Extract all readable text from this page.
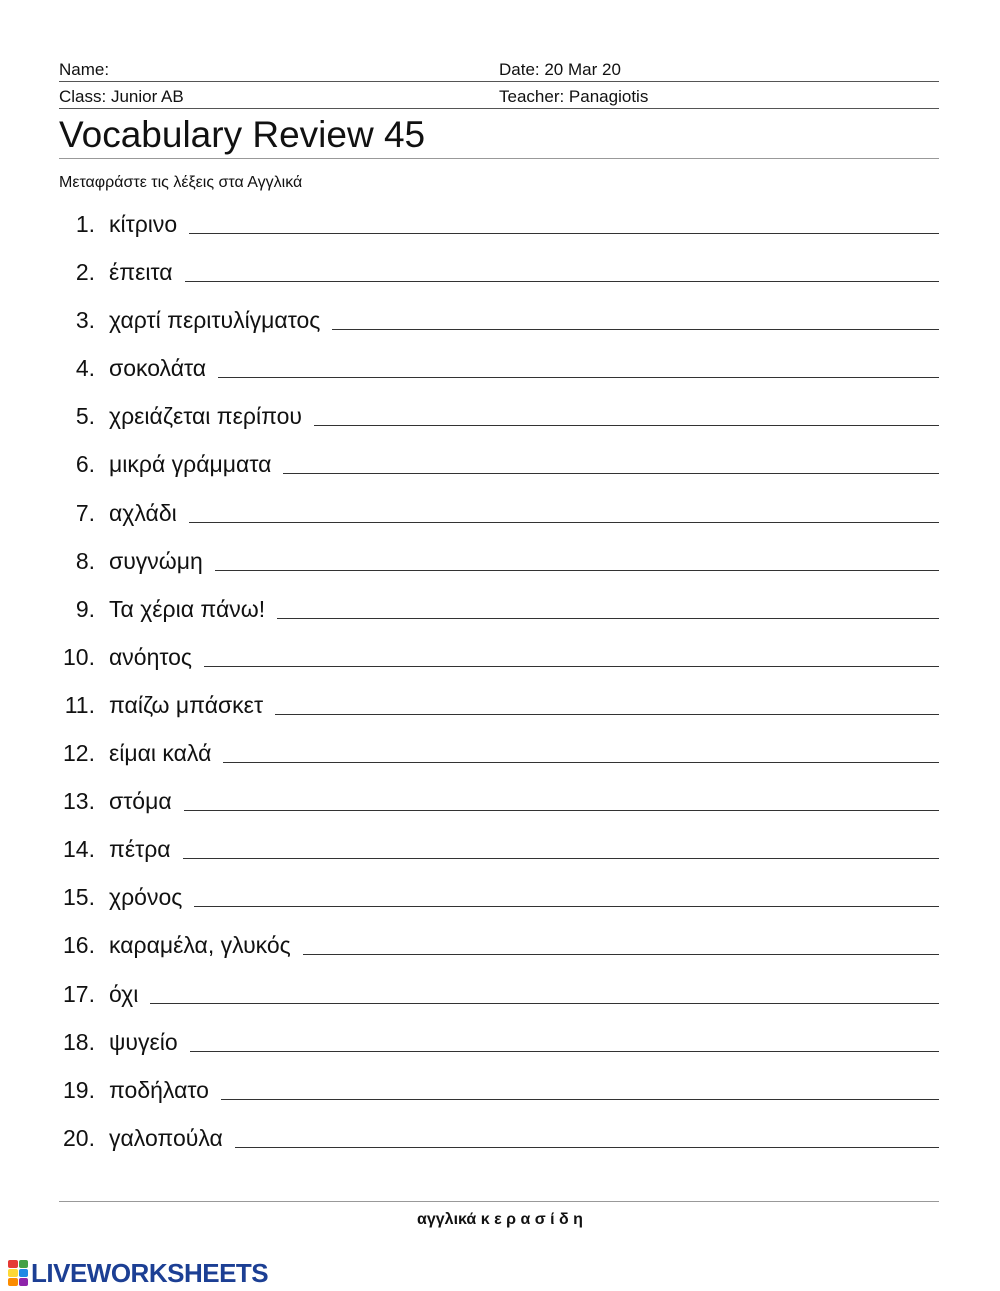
Name:	Date: 20 Mar 20
Class: Junior AB	Teacher: Panagiotis
Vocabulary Review 45
Μεταφράστε τις λέξεις στα Αγγλικά
1. κίτρινο
2. έπειτα
3. χαρτί περιτυλίγματος
4. σοκολάτα
5. χρειάζεται περίπου
6. μικρά γράμματα
7. αχλάδι
8. συγνώμη
9. Τα χέρια πάνω!
10. ανόητος
11. παίζω μπάσκετ
12. είμαι καλά
13. στόμα
14. πέτρα
15. χρόνος
16. καραμέλα, γλυκός
17. όχι
18. ψυγείο
19. ποδήλατο
20. γαλοπούλα
αγγλικά κ ε ρ α σ ί δ η
LIVEWORKSHEETS
